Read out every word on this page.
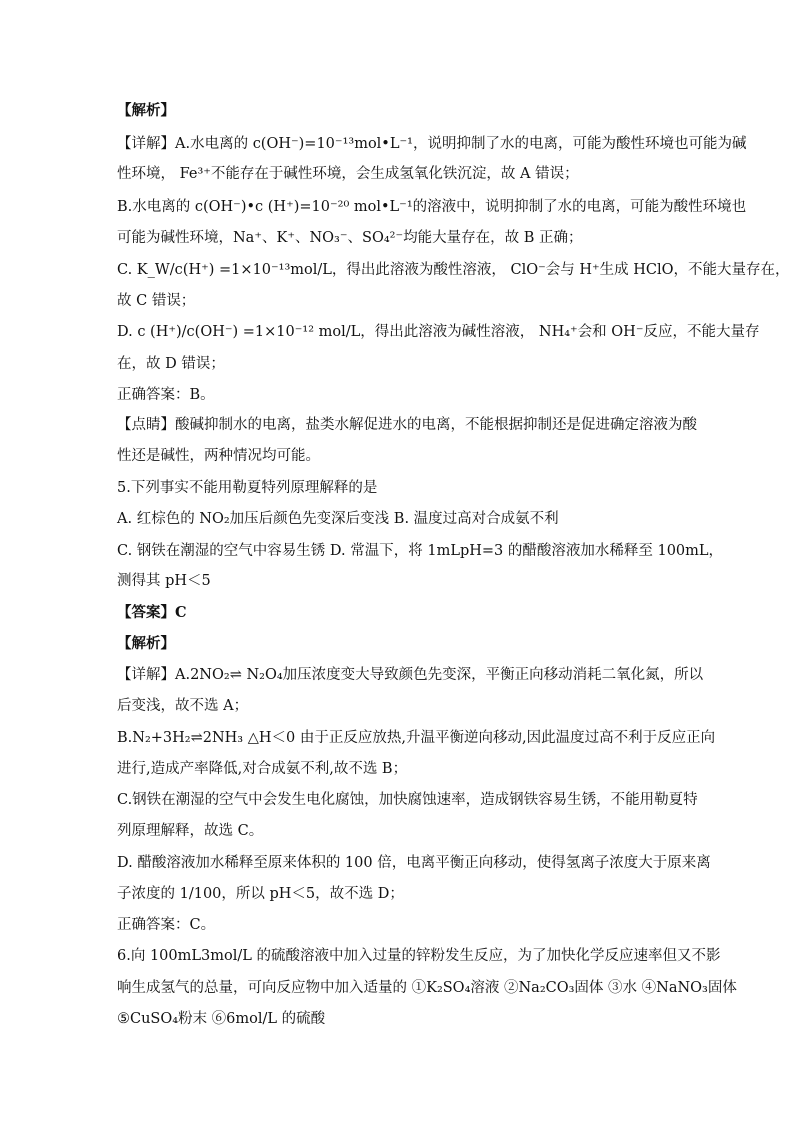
【解析】
【详解】A.水电离的 c(OH⁻)=10⁻¹³mol•L⁻¹，说明抑制了水的电离，可能为酸性环境也可能为碱
性环境， Fe³⁺不能存在于碱性环境，会生成氢氧化铁沉淀，故 A 错误；
B.水电离的 c(OH⁻)•c (H⁺)=10⁻²⁰ mol•L⁻¹的溶液中，说明抑制了水的电离，可能为酸性环境也
可能为碱性环境，Na⁺、K⁺、NO₃⁻、SO₄²⁻均能大量存在，故 B 正确；
C. K_W/c(H⁺) =1×10⁻¹³mol/L，得出此溶液为酸性溶液， ClO⁻会与 H⁺生成 HClO，不能大量存在，
故 C 错误；
D. c (H⁺)/c(OH⁻) =1×10⁻¹² mol/L，得出此溶液为碱性溶液， NH₄⁺会和 OH⁻反应，不能大量存
在，故 D 错误；
正确答案：B。
【点睛】酸碱抑制水的电离，盐类水解促进水的电离，不能根据抑制还是促进确定溶液为酸
性还是碱性，两种情况均可能。
5.下列事实不能用勒夏特列原理解释的是
A. 红棕色的 NO₂加压后颜色先变深后变浅 B. 温度过高对合成氨不利
C. 钢铁在潮湿的空气中容易生锈 D. 常温下，将 1mLpH=3 的醋酸溶液加水稀释至 100mL，
测得其 pH＜5
【答案】C
【解析】
【详解】A.2NO₂⇌ N₂O₄加压浓度变大导致颜色先变深，平衡正向移动消耗二氧化氮，所以
后变浅，故不选 A；
B.N₂+3H₂⇌2NH₃ △H＜0 由于正反应放热,升温平衡逆向移动,因此温度过高不利于反应正向
进行,造成产率降低,对合成氨不利,故不选 B；
C.钢铁在潮湿的空气中会发生电化腐蚀，加快腐蚀速率，造成钢铁容易生锈，不能用勒夏特
列原理解释，故选 C。
D. 醋酸溶液加水稀释至原来体积的 100 倍，电离平衡正向移动，使得氢离子浓度大于原来离
子浓度的 1/100，所以 pH＜5，故不选 D；
正确答案：C。
6.向 100mL3mol/L 的硫酸溶液中加入过量的锌粉发生反应，为了加快化学反应速率但又不影
响生成氢气的总量，可向反应物中加入适量的 ①K₂SO₄溶液 ②Na₂CO₃固体 ③水 ④NaNO₃固体
⑤CuSO₄粉末 ⑥6mol/L 的硫酸
